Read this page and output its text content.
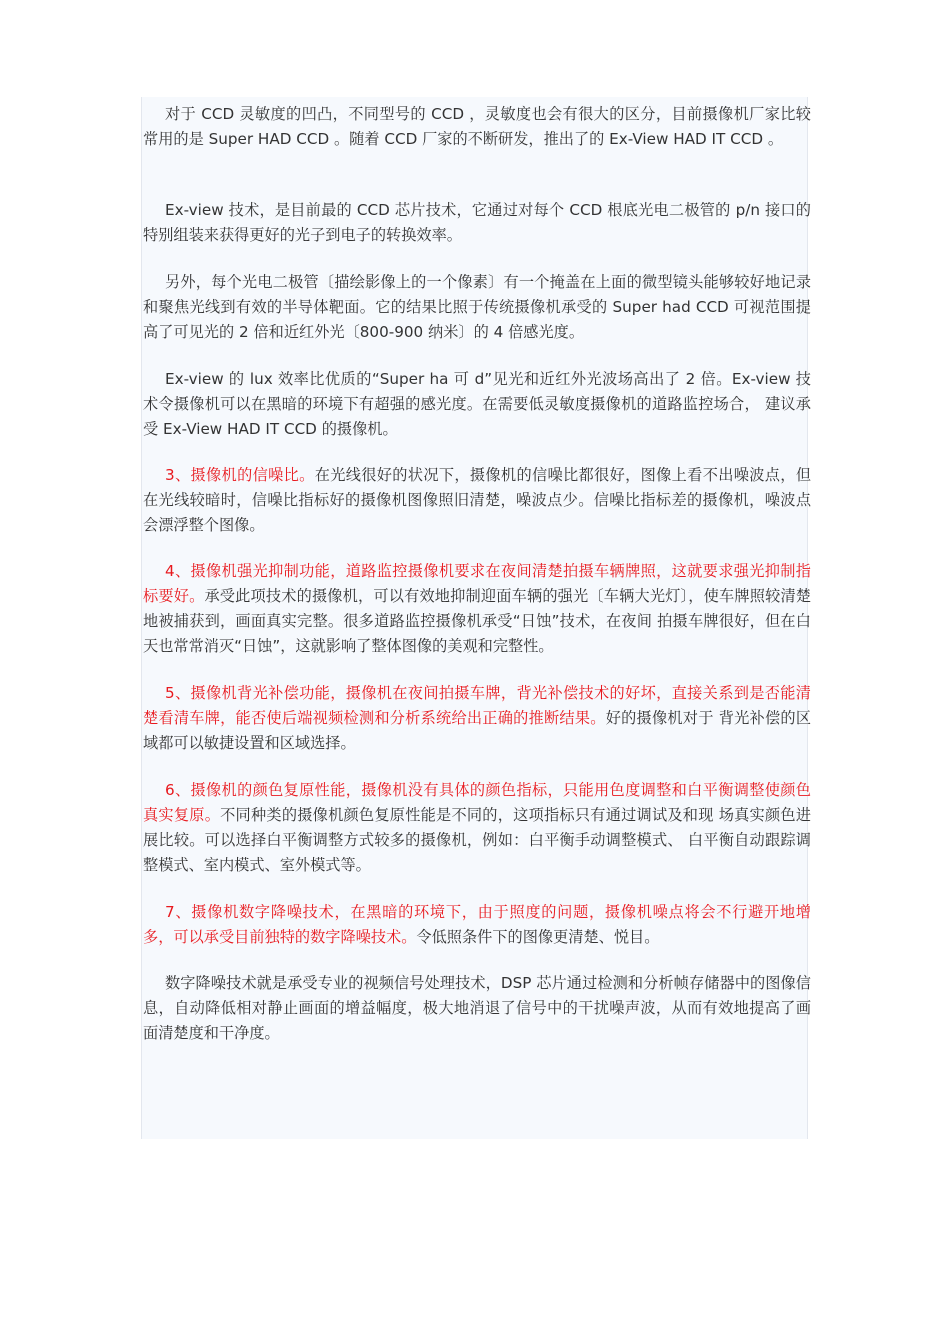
对于 CCD 灵敏度的凹凸，不同型号的 CCD ，灵敏度也会有很大的区分，目前摄像机厂家比较常用的是 Super HAD CCD 。随着 CCD 厂家的不断研发，推出了的 Ex-View HAD IT CCD 。

Ex-view 技术，是目前最的 CCD 芯片技术，它通过对每个 CCD 根底光电二极管的 p/n 接口的特别组装来获得更好的光子到电子的转换效率。

另外，每个光电二极管〔描绘影像上的一个像素〕有一个掩盖在上面的微型镜头能够较好地记录和聚焦光线到有效的半导体靶面。它的结果比照于传统摄像机承受的 Super had CCD 可视范围提高了可见光的 2 倍和近红外光〔800-900 纳米〕的 4 倍感光度。

Ex-view 的 lux 效率比优质的“Super ha 可 d”见光和近红外光波场高出了 2 倍。Ex-view 技 术令摄像机可以在黑暗的环境下有超强的感光度。在需要低灵敏度摄像机的道路监控场合， 建议承受 Ex-View HAD IT CCD 的摄像机。

3、摄像机的信噪比。在光线很好的状况下，摄像机的信噪比都很好，图像上看不出噪波点，但在光线较暗时，信噪比指标好的摄像机图像照旧清楚，噪波点少。信噪比指标差的摄像机，噪波点会漂浮整个图像。

4、摄像机强光抑制功能，道路监控摄像机要求在夜间清楚拍摄车辆牌照，这就要求强光抑制指标要好。承受此项技术的摄像机，可以有效地抑制迎面车辆的强光〔车辆大光灯〕，使车牌照较清楚地被捕获到，画面真实完整。很多道路监控摄像机承受“日蚀”技术，在夜间 拍摄车牌很好，但在白天也常常消灭“日蚀”，这就影响了整体图像的美观和完整性。

5、摄像机背光补偿功能，摄像机在夜间拍摄车牌，背光补偿技术的好坏，直接关系到是否能清楚看清车牌，能否使后端视频检测和分析系统给出正确的推断结果。好的摄像机对于 背光补偿的区域都可以敏捷设置和区域选择。

6、摄像机的颜色复原性能，摄像机没有具体的颜色指标，只能用色度调整和白平衡调整使颜色真实复原。不同种类的摄像机颜色复原性能是不同的，这项指标只有通过调试及和现 场真实颜色进展比较。可以选择白平衡调整方式较多的摄像机，例如：白平衡手动调整模式、 白平衡自动跟踪调整模式、室内模式、室外模式等。

7、摄像机数字降噪技术，在黑暗的环境下，由于照度的问题，摄像机噪点将会不行避开地增多，可以承受目前独特的数字降噪技术。令低照条件下的图像更清楚、悦目。

数字降噪技术就是承受专业的视频信号处理技术，DSP 芯片通过检测和分析帧存储器中的图像信息，自动降低相对静止画面的增益幅度，极大地消退了信号中的干扰噪声波，从而有效地提高了画面清楚度和干净度。
